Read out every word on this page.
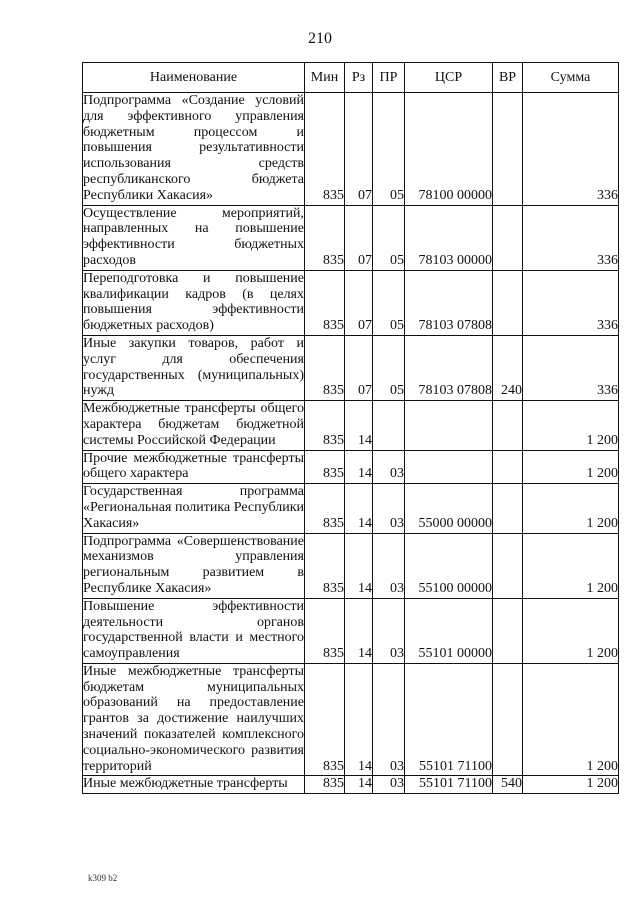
210
Наименование	Мин	Рз	ПР	ЦСР	ВР	Сумма
Подпрограмма «Создание условий для эффективного управления бюджетным процессом и повышения результативности использования средств республиканского бюджета Республики Хакасия»	835	07	05	78100 00000		336
Осуществление мероприятий, направленных на повышение эффективности бюджетных расходов	835	07	05	78103 00000		336
Переподготовка и повышение квалификации кадров (в целях повышения эффективности бюджетных расходов)	835	07	05	78103 07808		336
Иные закупки товаров, работ и услуг для обеспечения государственных (муниципальных) нужд	835	07	05	78103 07808	240	336
Межбюджетные трансферты общего характера бюджетам бюджетной системы Российской Федерации	835	14				1 200
Прочие межбюджетные трансферты общего характера	835	14	03			1 200
Государственная программа «Региональная политика Республики Хакасия»	835	14	03	55000 00000		1 200
Подпрограмма «Совершенствование механизмов управления региональным развитием в Республике Хакасия»	835	14	03	55100 00000		1 200
Повышение эффективности деятельности органов государственной власти и местного самоуправления	835	14	03	55101 00000		1 200
Иные межбюджетные трансферты бюджетам муниципальных образований на предоставление грантов за достижение наилучших значений показателей комплексного социально-экономического развития территорий	835	14	03	55101 71100		1 200
Иные межбюджетные трансферты	835	14	03	55101 71100	540	1 200
k309 b2
